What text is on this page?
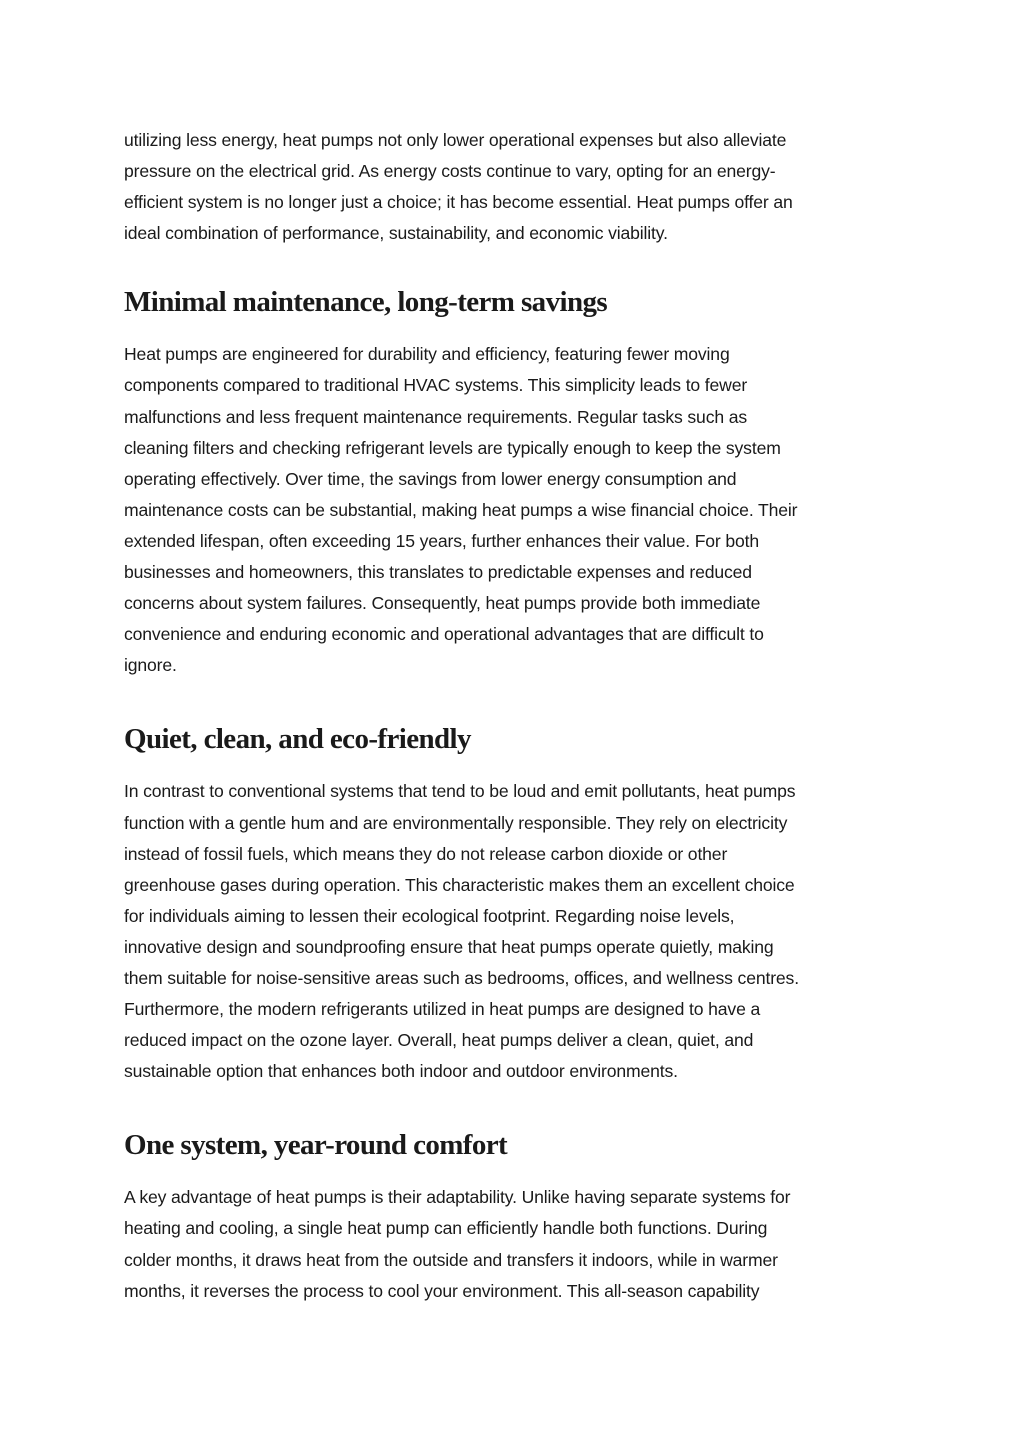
utilizing less energy, heat pumps not only lower operational expenses but also alleviate
pressure on the electrical grid. As energy costs continue to vary, opting for an energy-
efficient system is no longer just a choice; it has become essential. Heat pumps offer an
ideal combination of performance, sustainability, and economic viability.

Minimal maintenance, long-term savings

Heat pumps are engineered for durability and efficiency, featuring fewer moving
components compared to traditional HVAC systems. This simplicity leads to fewer
malfunctions and less frequent maintenance requirements. Regular tasks such as
cleaning filters and checking refrigerant levels are typically enough to keep the system
operating effectively. Over time, the savings from lower energy consumption and
maintenance costs can be substantial, making heat pumps a wise financial choice. Their
extended lifespan, often exceeding 15 years, further enhances their value. For both
businesses and homeowners, this translates to predictable expenses and reduced
concerns about system failures. Consequently, heat pumps provide both immediate
convenience and enduring economic and operational advantages that are difficult to
ignore.

Quiet, clean, and eco-friendly

In contrast to conventional systems that tend to be loud and emit pollutants, heat pumps
function with a gentle hum and are environmentally responsible. They rely on electricity
instead of fossil fuels, which means they do not release carbon dioxide or other
greenhouse gases during operation. This characteristic makes them an excellent choice
for individuals aiming to lessen their ecological footprint. Regarding noise levels,
innovative design and soundproofing ensure that heat pumps operate quietly, making
them suitable for noise-sensitive areas such as bedrooms, offices, and wellness centres.
Furthermore, the modern refrigerants utilized in heat pumps are designed to have a
reduced impact on the ozone layer. Overall, heat pumps deliver a clean, quiet, and
sustainable option that enhances both indoor and outdoor environments.

One system, year-round comfort

A key advantage of heat pumps is their adaptability. Unlike having separate systems for
heating and cooling, a single heat pump can efficiently handle both functions. During
colder months, it draws heat from the outside and transfers it indoors, while in warmer
months, it reverses the process to cool your environment. This all-season capability
